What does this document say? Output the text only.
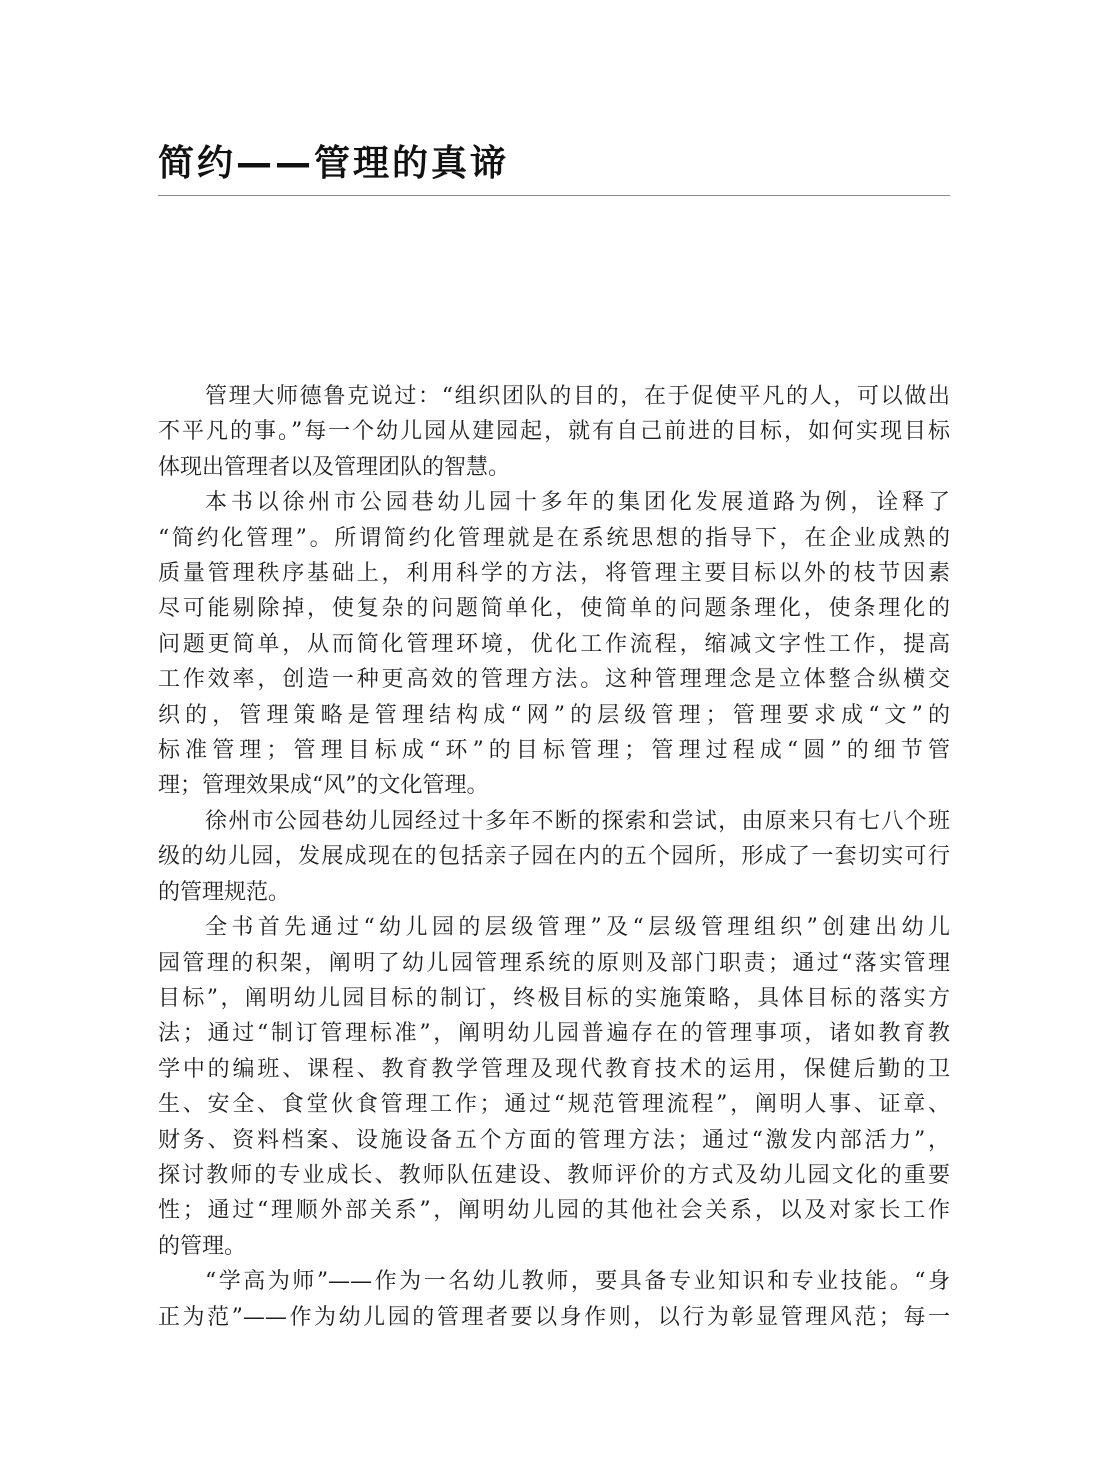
简约——管理的真谛
管理大师德鲁克说过：“组织团队的目的，在于促使平凡的人，可以做出
不平凡的事。”每一个幼儿园从建园起，就有自己前进的目标，如何实现目标
体现出管理者以及管理团队的智慧。
本书以徐州市公园巷幼儿园十多年的集团化发展道路为例，诠释了
“简约化管理”。所谓简约化管理就是在系统思想的指导下，在企业成熟的
质量管理秩序基础上，利用科学的方法，将管理主要目标以外的枝节因素
尽可能剔除掉，使复杂的问题简单化，使简单的问题条理化，使条理化的
问题更简单，从而简化管理环境，优化工作流程，缩减文字性工作，提高
工作效率，创造一种更高效的管理方法。这种管理理念是立体整合纵横交
织的，管理策略是管理结构成“网”的层级管理；管理要求成“文”的
标准管理；管理目标成“环”的目标管理；管理过程成“圆”的细节管
理；管理效果成“风”的文化管理。
徐州市公园巷幼儿园经过十多年不断的探索和尝试，由原来只有七八个班
级的幼儿园，发展成现在的包括亲子园在内的五个园所，形成了一套切实可行
的管理规范。
全书首先通过“幼儿园的层级管理”及“层级管理组织”创建出幼儿
园管理的积架，阐明了幼儿园管理系统的原则及部门职责；通过“落实管理
目标”，阐明幼儿园目标的制订，终极目标的实施策略，具体目标的落实方
法；通过“制订管理标准”，阐明幼儿园普遍存在的管理事项，诸如教育教
学中的编班、课程、教育教学管理及现代教育技术的运用，保健后勤的卫
生、安全、食堂伙食管理工作；通过“规范管理流程”，阐明人事、证章、
财务、资料档案、设施设备五个方面的管理方法；通过“激发内部活力”，
探讨教师的专业成长、教师队伍建设、教师评价的方式及幼儿园文化的重要
性；通过“理顺外部关系”，阐明幼儿园的其他社会关系，以及对家长工作
的管理。
“学高为师”——作为一名幼儿教师，要具备专业知识和专业技能。“身
正为范”——作为幼儿园的管理者要以身作则，以行为彰显管理风范；每一
